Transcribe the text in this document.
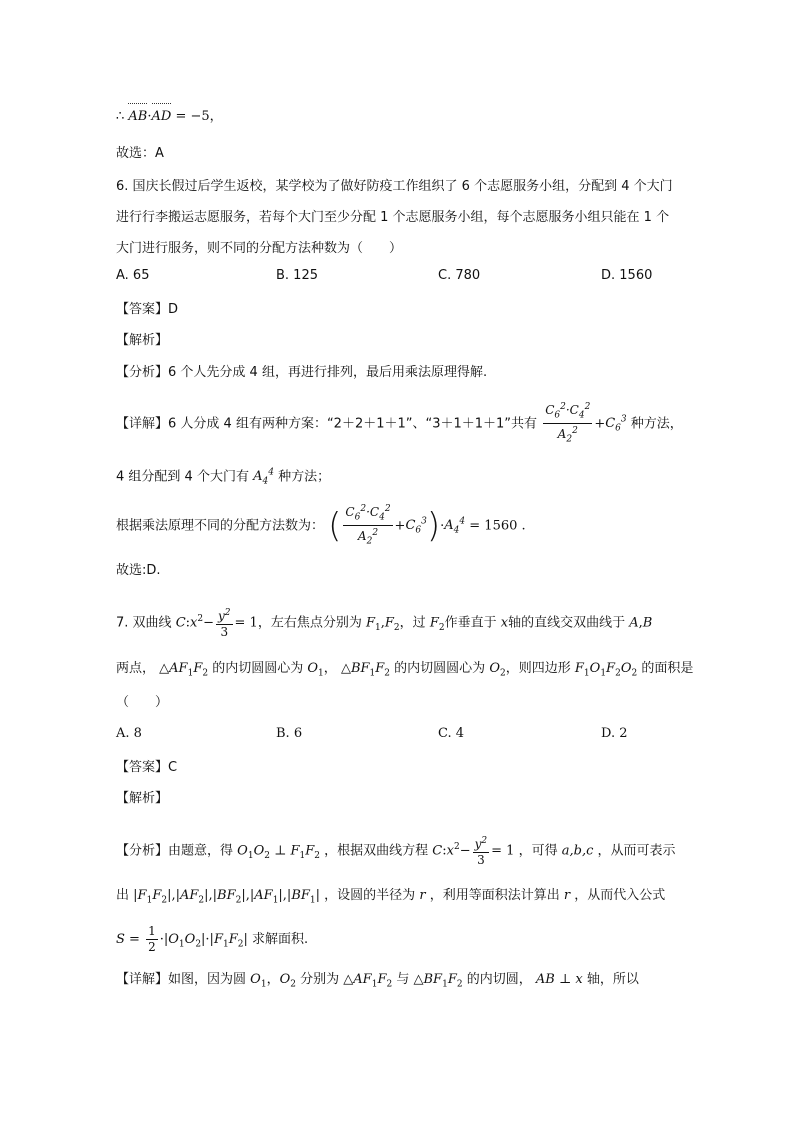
∴ AB·AD = −5，
故选：A
6. 国庆长假过后学生返校，某学校为了做好防疫工作组织了 6 个志愿服务小组，分配到 4 个大门
进行行李搬运志愿服务，若每个大门至少分配 1 个志愿服务小组，每个志愿服务小组只能在 1 个
大门进行服务，则不同的分配方法种数为（　　）
A. 65	B. 125	C. 780	D. 1560
【答案】D
【解析】
【分析】6 个人先分成 4 组，再进行排列，最后用乘法原理得解.
【详解】6 人分成 4 组有两种方案：“2＋2＋1＋1”、“3＋1＋1＋1”共有 $\frac{C_6^2\cdot C_4^2}{A_2^2} +C_6^3$ 种方法，
4 组分配到 4 个大门有 $A_4^4$ 种方法；
根据乘法原理不同的分配方法数为： ( $\frac{C_6^2\cdot C_4^2}{A_2^2} +C_6^3)\cdot A_4^4 = 1560$ .
故选:D.
7. 双曲线 $C:x^2- \frac{y^2}{3} = 1$，左右焦点分别为 $F_1,F_2$，过 $F_2$作垂直于 x轴的直线交双曲线于 A,B
两点， $\triangle AF_1F_2$ 的内切圆圆心为 $O_1$， $\triangle BF_1F_2$ 的内切圆圆心为 $O_2$，则四边形 $F_1O_1F_2O_2$ 的面积是
（　　）
A. 8	B. 6	C. 4	D. 2
【答案】C
【解析】
【分析】由题意，得 $O_1O_2$ ⊥ $F_1F_2$ ，根据双曲线方程 $C:x^2- \frac{y^2}{3} = 1$ ，可得 a,b,c ，从而可表示
出 $|F_1F_2|,|AF_2|,|BF_2|,|AF_1|,|BF_1|$ ，设圆的半径为 r ，利用等面积法计算出 r ，从而代入公式
$S = \frac{1}{2} \cdot|O_1O_2|\cdot|F_1F_2|$ 求解面积.
【详解】如图，因为圆 $O_1$，$O_2$ 分别为 $\triangle AF_1F_2$ 与 $\triangle BF_1F_2$ 的内切圆， AB ⊥ x 轴，所以
